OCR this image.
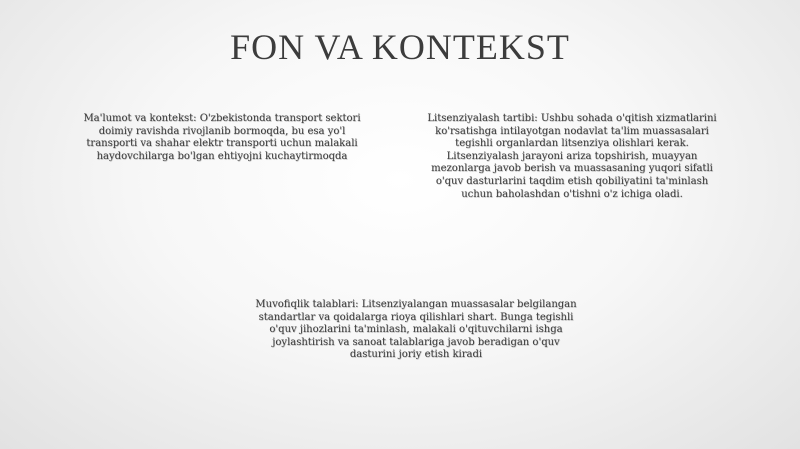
FON VA KONTEKST
Ma'lumot va kontekst: O'zbekistonda transport sektori doimiy ravishda rivojlanib bormoqda, bu esa yo'l transporti va shahar elektr transporti uchun malakali haydovchilarga bo'lgan ehtiyojni kuchaytirmoqda
Litsenziyalash tartibi: Ushbu sohada o'qitish xizmatlarini ko'rsatishga intilayotgan nodavlat ta'lim muassasalari tegishli organlardan litsenziya olishlari kerak. Litsenziyalash jarayoni ariza topshirish, muayyan mezonlarga javob berish va muassasaning yuqori sifatli o'quv dasturlarini taqdim etish qobiliyatini ta'minlash uchun baholashdan o'tishni o'z ichiga oladi.
Muvofiqlik talablari: Litsenziyalangan muassasalar belgilangan standartlar va qoidalarga rioya qilishlari shart. Bunga tegishli o'quv jihozlarini ta'minlash, malakali o'qituvchilarni ishga joylashtirish va sanoat talablariga javob beradigan o'quv dasturini joriy etish kiradi
